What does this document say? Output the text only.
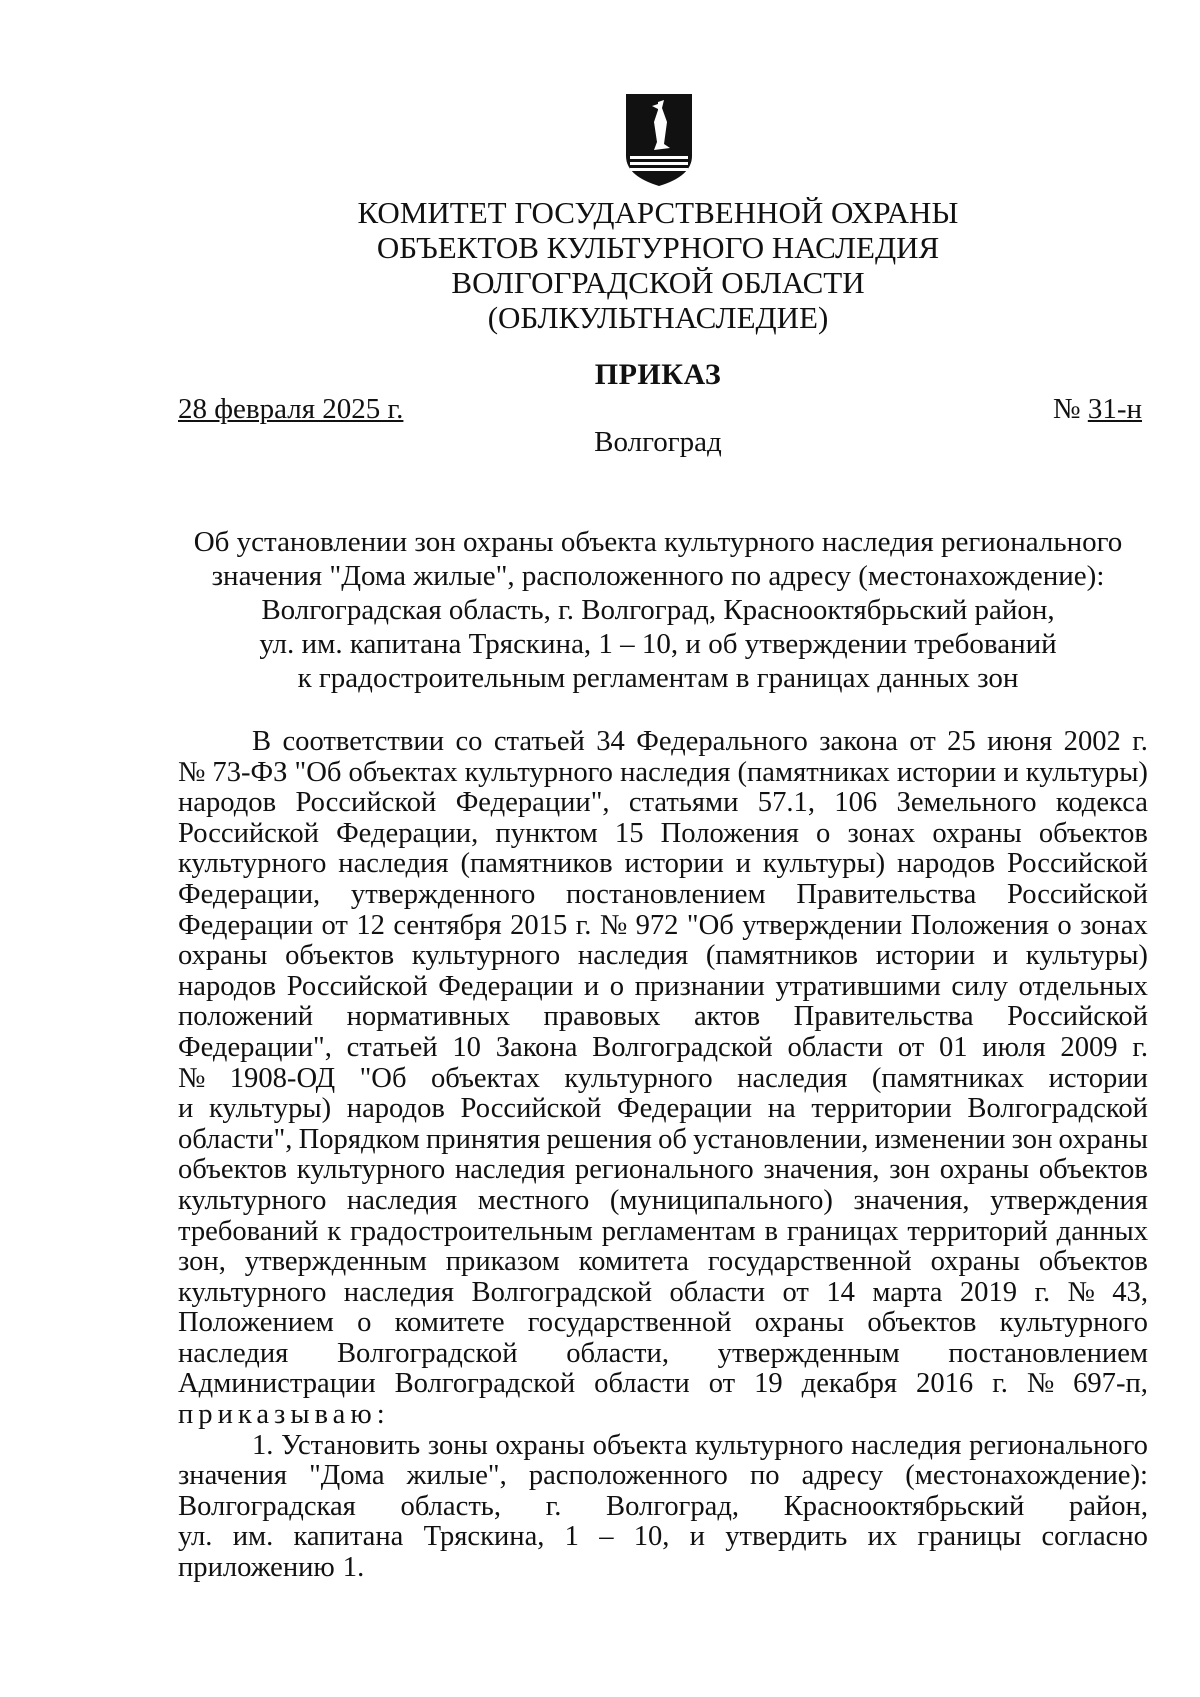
КОМИТЕТ ГОСУДАРСТВЕННОЙ ОХРАНЫ
ОБЪЕКТОВ КУЛЬТУРНОГО НАСЛЕДИЯ
ВОЛГОГРАДСКОЙ ОБЛАСТИ
(ОБЛКУЛЬТНАСЛЕДИЕ)
ПРИКАЗ
28 февраля 2025 г.	№ 31-н
Волгоград
Об установлении зон охраны объекта культурного наследия регионального
значения "Дома жилые", расположенного по адресу (местонахождение):
Волгоградская область, г. Волгоград, Краснооктябрьский район,
ул. им. капитана Тряскина, 1 – 10, и об утверждении требований
к градостроительным регламентам в границах данных зон
В соответствии со статьей 34 Федерального закона от 25 июня 2002 г.
№ 73-ФЗ "Об объектах культурного наследия (памятниках истории и культуры)
народов Российской Федерации", статьями 57.1, 106 Земельного кодекса
Российской Федерации, пунктом 15 Положения о зонах охраны объектов
культурного наследия (памятников истории и культуры) народов Российской
Федерации, утвержденного постановлением Правительства Российской
Федерации от 12 сентября 2015 г. № 972 "Об утверждении Положения о зонах
охраны объектов культурного наследия (памятников истории и культуры)
народов Российской Федерации и о признании утратившими силу отдельных
положений нормативных правовых актов Правительства Российской
Федерации", статьей 10 Закона Волгоградской области от 01 июля 2009 г.
№ 1908-ОД "Об объектах культурного наследия (памятниках истории
и культуры) народов Российской Федерации на территории Волгоградской
области", Порядком принятия решения об установлении, изменении зон охраны
объектов культурного наследия регионального значения, зон охраны объектов
культурного наследия местного (муниципального) значения, утверждения
требований к градостроительным регламентам в границах территорий данных
зон, утвержденным приказом комитета государственной охраны объектов
культурного наследия Волгоградской области от 14 марта 2019 г. № 43,
Положением о комитете государственной охраны объектов культурного
наследия Волгоградской области, утвержденным постановлением
Администрации Волгоградской области от 19 декабря 2016 г. № 697-п,
приказываю:
1. Установить зоны охраны объекта культурного наследия регионального
значения "Дома жилые", расположенного по адресу (местонахождение):
Волгоградская область, г. Волгоград, Краснооктябрьский район,
ул. им. капитана Тряскина, 1 – 10, и утвердить их границы согласно
приложению 1.
